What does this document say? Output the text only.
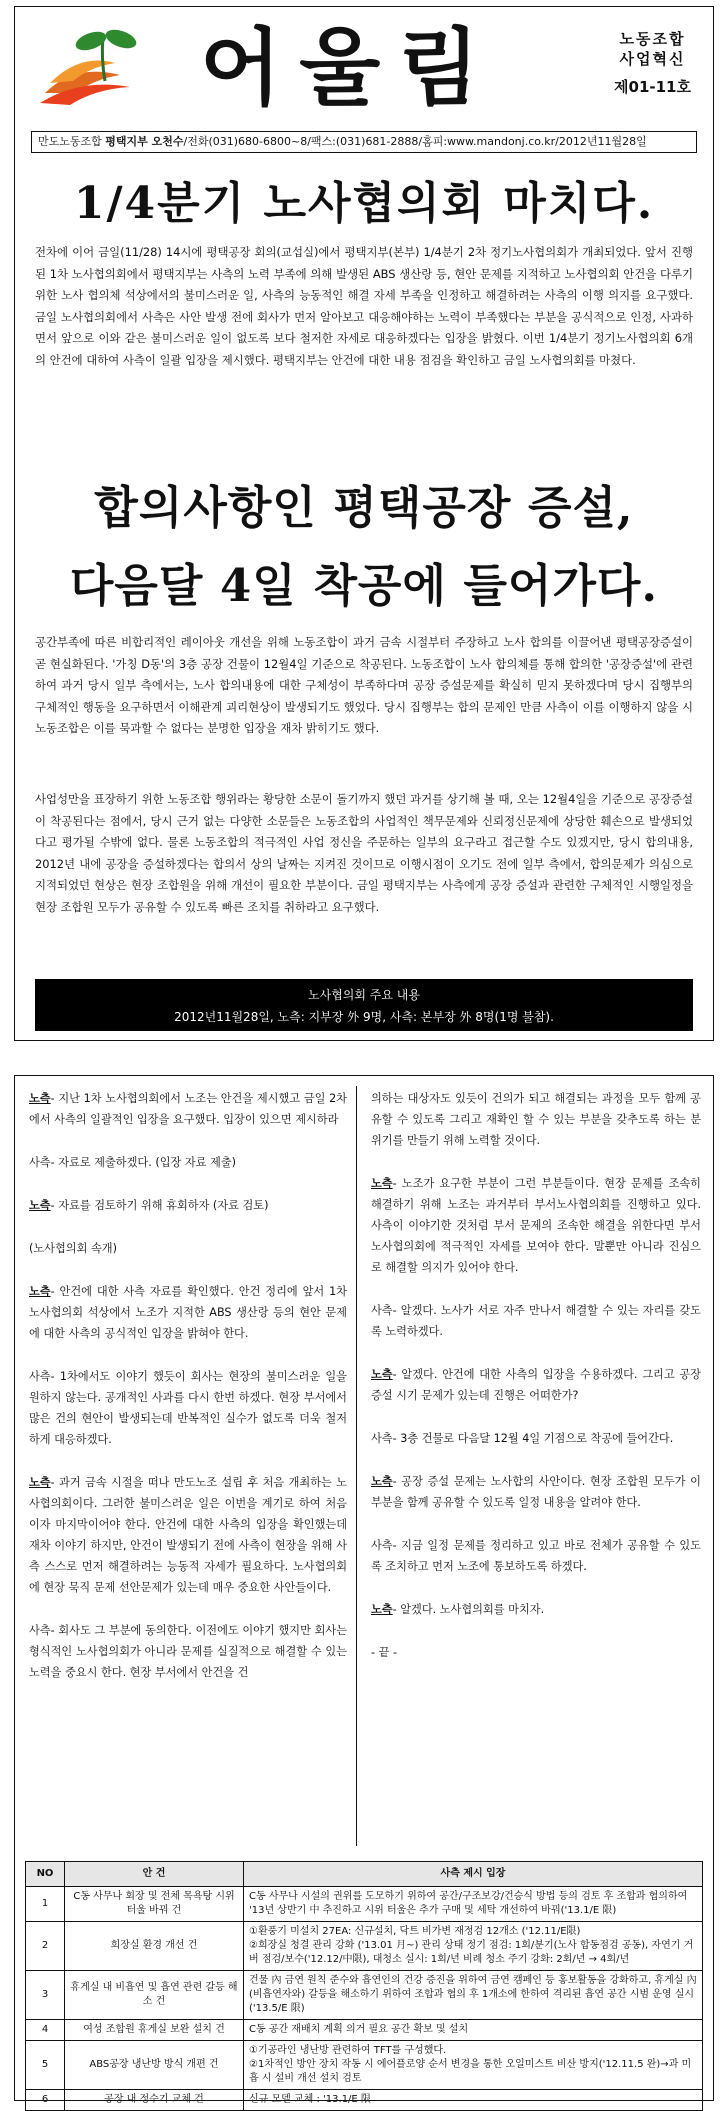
어울림	노동조합
사업혁신
제01-11호
만도노동조합 평택지부 오천수/전화(031)680-6800~8/팩스:(031)681-2888/홈피:www.mandonj.co.kr/2012년11월28일
1/4분기 노사협의회 마치다.
전차에 이어 금일(11/28) 14시에 평택공장 회의(교섭실)에서 평택지부(본부) 1/4분기 2차 정기노사협의회가 개최되었다. 앞서 진행된 1차 노사협의회에서 평택지부는 사측의 노력 부족에 의해 발생된 ABS 생산랑 등, 현안 문제를 지적하고 노사협의회 안건을 다루기 위한 노사 협의체 석상에서의 불미스러운 일, 사측의 능동적인 해결 자세 부족을 인정하고 해결하려는 사측의 이행 의지를 요구했다. 금일 노사협의회에서 사측은 사안 발생 전에 회사가 먼저 알아보고 대응해야하는 노력이 부족했다는 부분을 공식적으로 인정, 사과하면서 앞으로 이와 같은 불미스러운 일이 없도록 보다 철저한 자세로 대응하겠다는 입장을 밝혔다. 이번 1/4분기 정기노사협의회 6개의 안건에 대하여 사측이 일괄 입장을 제시했다. 평택지부는 안건에 대한 내용 점검을 확인하고 금일 노사협의회를 마쳤다.
합의사항인 평택공장 증설,
다음달 4일 착공에 들어가다.
공간부족에 따른 비합리적인 레이아웃 개선을 위해 노동조합이 과거 금속 시절부터 주장하고 노사 합의를 이끌어낸 평택공장증설이 곧 현실화된다. '가칭 D동'의 3층 공장 건물이 12월4일 기준으로 착공된다. 노동조합이 노사 합의체를 통해 합의한 '공장증설'에 관련하여 과거 당시 일부 측에서는, 노사 합의내용에 대한 구체성이 부족하다며 공장 증설문제를 확실히 믿지 못하겠다며 당시 집행부의 구체적인 행동을 요구하면서 이해관계 괴리현상이 발생되기도 했었다. 당시 집행부는 합의 문제인 만큼 사측이 이를 이행하지 않을 시 노동조합은 이를 묵과할 수 없다는 분명한 입장을 재차 밝히기도 했다.
사업성만을 표장하기 위한 노동조합 행위라는 황당한 소문이 돌기까지 했던 과거를 상기해 볼 때, 오는 12월4일을 기준으로 공장증설이 착공된다는 점에서, 당시 근거 없는 다양한 소문들은 노동조합의 사업적인 책무문제와 신뢰정신문제에 상당한 훼손으로 발생되었다고 평가될 수밖에 없다. 물론 노동조합의 적극적인 사업 정신을 주문하는 일부의 요구라고 접근할 수도 있겠지만, 당시 합의내용, 2012년 내에 공장을 증설하겠다는 합의서 상의 날짜는 지켜진 것이므로 이행시점이 오기도 전에 일부 측에서, 합의문제가 의심으로 지적되었던 현상은 현장 조합원을 위해 개선이 필요한 부분이다. 금일 평택지부는 사측에게 공장 증설과 관련한 구체적인 시행일정을 현장 조합원 모두가 공유할 수 있도록 빠른 조치를 취하라고 요구했다.
노사협의회 주요 내용
2012년11월28일, 노측: 지부장 外 9명, 사측: 본부장 外 8명(1명 불참).

노측- 지난 1차 노사협의회에서 노조는 안건을 제시했고 금일 2차에서 사측의 일괄적인 입장을 요구했다. 입장이 있으면 제시하라

사측- 자료로 제출하겠다. (입장 자료 제출)

노측- 자료를 검토하기 위해 휴회하자 (자료 검토)

(노사협의회 속개)

노측- 안건에 대한 사측 자료를 확인했다. 안건 정리에 앞서 1차 노사협의회 석상에서 노조가 지적한 ABS 생산랑 등의 현안 문제에 대한 사측의 공식적인 입장을 밝혀야 한다.

사측- 1차에서도 이야기 했듯이 회사는 현장의 불미스러운 일을 원하지 않는다. 공개적인 사과를 다시 한번 하겠다. 현장 부서에서 많은 건의 현안이 발생되는데 반복적인 실수가 없도록 더욱 철저하게 대응하겠다.

노측- 과거 금속 시절을 떠나 만도노조 설립 후 처음 개최하는 노사협의회이다. 그러한 불미스러운 일은 이번을 계기로 하여 처음이자 마지막이어야 한다. 안건에 대한 사측의 입장을 확인했는데 재차 이야기 하지만, 안건이 발생되기 전에 사측이 현장을 위해 사측 스스로 먼저 해결하려는 능동적 자세가 필요하다. 노사협의회에 현장 묵직 문제 선안문제가 있는데 매우 중요한 사안들이다.

사측- 회사도 그 부분에 동의한다. 이전에도 이야기 했지만 회사는 형식적인 노사협의회가 아니라 문제를 실질적으로 해결할 수 있는 노력을 중요시 한다. 현장 부서에서 안건을 건

의하는 대상자도 있듯이 건의가 되고 해결되는 과정을 모두 함께 공유할 수 있도록 그리고 재확인 할 수 있는 부분을 갖추도록 하는 분위기를 만들기 위해 노력할 것이다.

노측- 노조가 요구한 부분이 그런 부분들이다. 현장 문제를 조속히 해결하기 위해 노조는 과거부터 부서노사협의회를 진행하고 있다. 사측이 이야기한 것처럼 부서 문제의 조속한 해결을 위한다면 부서노사협의회에 적극적인 자세를 보여야 한다. 말뿐만 아니라 진심으로 해결할 의지가 있어야 한다.

사측- 알겠다. 노사가 서로 자주 만나서 해결할 수 있는 자리를 갖도록 노력하겠다.

노측- 알겠다. 안건에 대한 사측의 입장을 수용하겠다. 그리고 공장 증설 시기 문제가 있는데 진행은 어떠한가?

사측- 3층 건물로 다음달 12월 4일 기점으로 착공에 들어간다.

노측- 공장 증설 문제는 노사합의 사안이다. 현장 조합원 모두가 이 부분을 함께 공유할 수 있도록 일정 내용을 알려야 한다.

사측- 지금 일정 문제를 정리하고 있고 바로 전체가 공유할 수 있도록 조치하고 먼저 노조에 통보하도록 하겠다.

노측- 알겠다. 노사협의회를 마치자.

- 끝 -
NO	안 건	사측 제시 입장
1	C동 사무나 회장 및 전체 목욕탕 시위 터울 바꿔 건	C동 사무나 시설의 권위를 도모하기 위하여 공간/구조보강/건승식 방법 등의 검토 후 조합과 협의하여 '13년 상반기 中 추진하고 시위 터울은 추가 구매 및 세탁 개선하여 바꿔('13.1/E 限)
2	희장실 환경 개선 건	①환풍기 미설치 27EA: 신규설치, 닥트 비가변 재정검 12개소 ('12.11/E限)
②희장실 청결 관리 강화 ('13.01 月~) 관리 상태 정기 점검: 1회/분기(노사 합동점검 공동), 자연기 거버 점검/보수('12.12/中限), 대청소 실시: 1회/년 비례 청소 주기 강화: 2회/년 → 4회/년
3	휴게실 내 비흡연 및 흡연 관련 갈등 해소 건	건물 內 금연 원칙 준수와 흡연인의 건강 증진을 위하여 금연 캠페인 등 홍보활동을 강화하고, 휴게실 內 (비흡연자와) 갈등을 해소하기 위하여 조합과 협의 후 1개소에 한하여 격리된 흡연 공간 시범 운영 실시 ('13.5/E 限)
4	여성 조합원 휴게실 보완 설치 건	C동 공간 재배치 계획 의거 필요 공간 확보 및 설치
5	ABS공장 냉난방 방식 개편 건	①기공라인 냉난방 관련하여 TFT를 구성했다.
②1차적인 방안 장치 작동 시 에어플로양 순서 변경을 통한 오일미스트 비산 방지('12.11.5 완)→과 미흡 시 설비 개선 설치 검토
6	공장 내 정수기 교체 건	신규 모델 교체 : '13.1/E 限
